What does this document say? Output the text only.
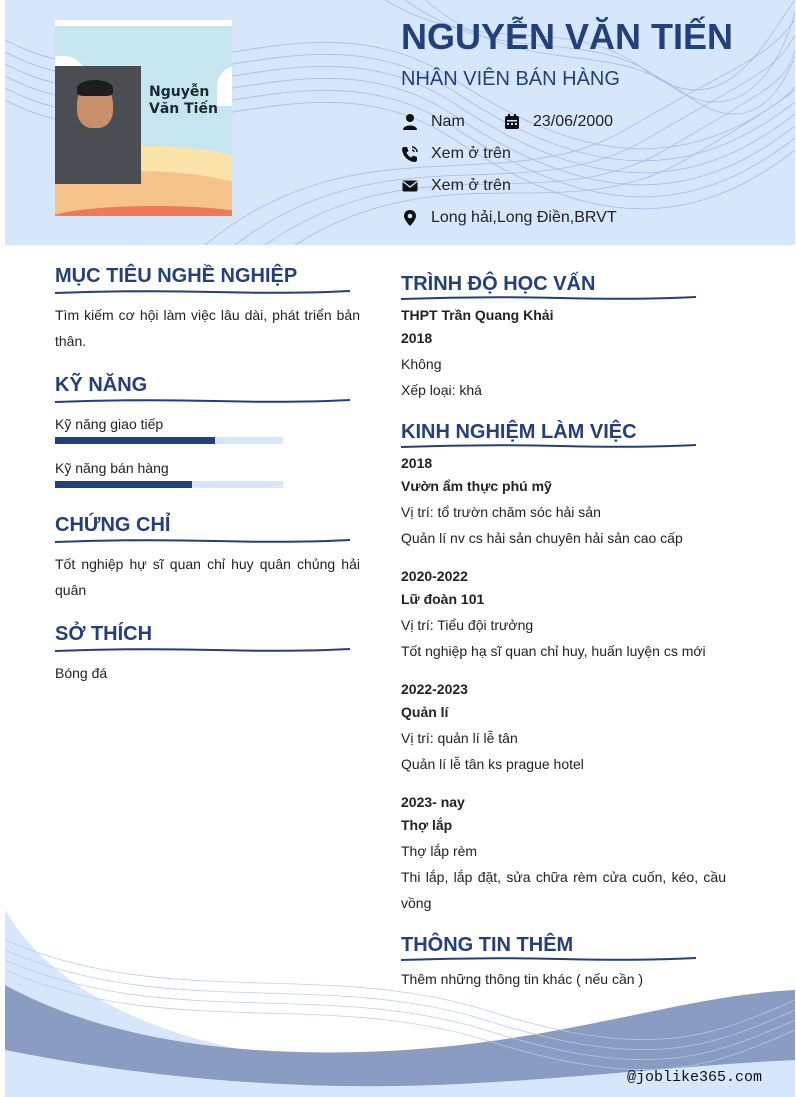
Nguyễn Văn Tiến
NGUYỄN VĂN TIẾN
NHÂN VIÊN BÁN HÀNG
Nam	23/06/2000
Xem ở trên
Xem ở trên
Long hải,Long Điền,BRVT
MỤC TIÊU NGHỀ NGHIỆP
Tìm kiếm cơ hội làm việc lâu dài, phát triển bản thân.
KỸ NĂNG
Kỹ năng giao tiếp
Kỹ năng bán hàng
CHỨNG CHỈ
Tốt nghiệp hự sĩ quan chỉ huy quân chủng hải quân
SỞ THÍCH
Bóng đá
TRÌNH ĐỘ HỌC VẤN
THPT Trần Quang Khải
2018
Không
Xếp loại: khá
KINH NGHIỆM LÀM VIỆC
2018
Vườn ẩm thực phú mỹ
Vị trí: tổ trườn chăm sóc hải sản
Quản lí nv cs hải sản chuyên hải sản cao cấp
2020-2022
Lữ đoàn 101
Vị trí: Tiểu đội trưởng
Tốt nghiệp hạ sĩ quan chỉ huy, huấn luyện cs mới
2022-2023
Quản lí
Vị trí: quản lí lễ tân
Quản lí lễ tân ks prague hotel
2023- nay
Thợ lắp
Thợ lắp rèm
Thi lắp, lắp đặt, sửa chữa rèm cửa cuốn, kéo, cầu vồng
THÔNG TIN THÊM
Thêm những thông tin khác ( nếu cần )
@joblike365.com
